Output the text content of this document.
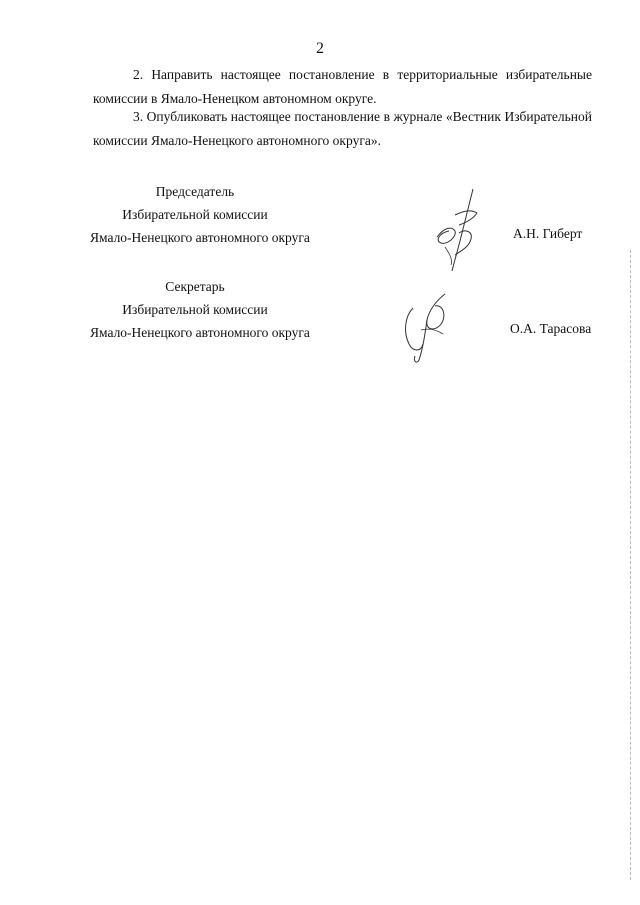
2

2. Направить настоящее постановление в территориальные избирательные комиссии в Ямало-Ненецком автономном округе.

3. Опубликовать настоящее постановление в журнале «Вестник Избирательной комиссии Ямало-Ненецкого автономного округа».

Председатель
Избирательной комиссии
Ямало-Ненецкого автономного округа	А.Н. Гиберт
Секретарь
Избирательной комиссии
Ямало-Ненецкого автономного округа	О.А. Тарасова
